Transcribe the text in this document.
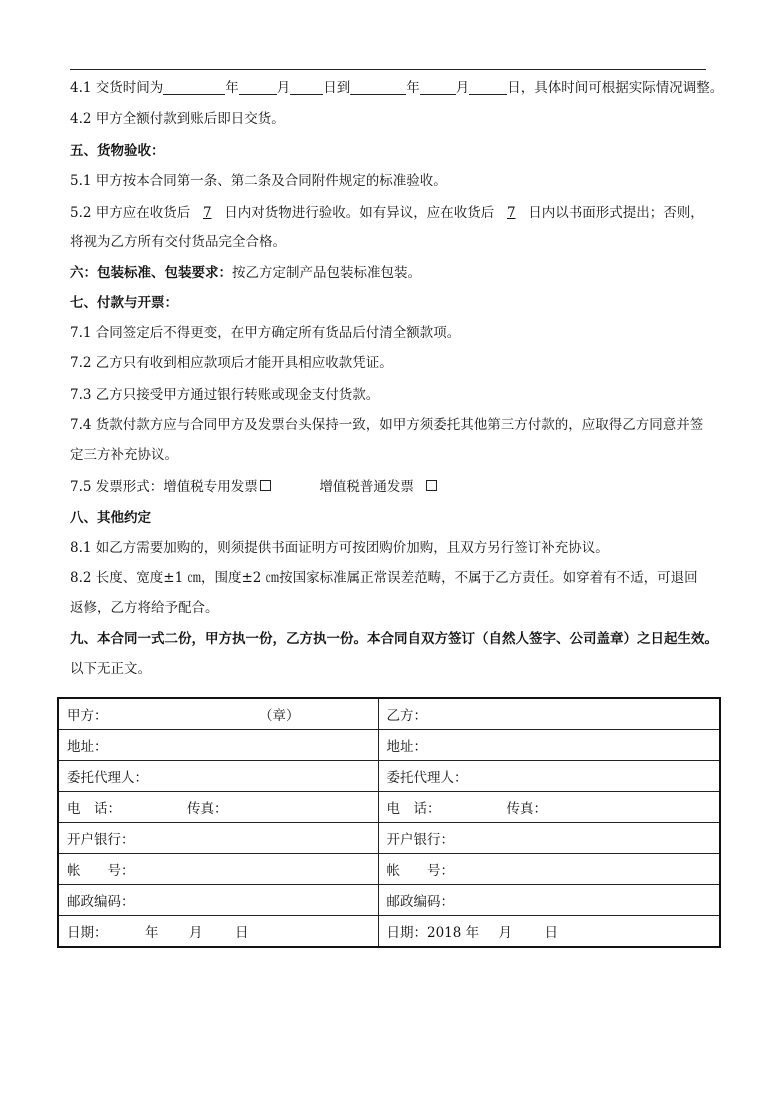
4.1 交货时间为	年	月 日到	年	月	日，具体时间可根据实际情况调整。
4.2 甲方全额付款到账后即日交货。
五、货物验收：
5.1 甲方按本合同第一条、第二条及合同附件规定的标准验收。
5.2 甲方应在收货后 7 日内对货物进行验收。如有异议，应在收货后 7 日内以书面形式提出；否则，
将视为乙方所有交付货品完全合格。
六：包装标准、包装要求：按乙方定制产品包装标准包装。
七、付款与开票：
7.1 合同签定后不得更变，在甲方确定所有货品后付清全额款项。
7.2 乙方只有收到相应款项后才能开具相应收款凭证。
7.3 乙方只接受甲方通过银行转账或现金支付货款。
7.4 货款付款方应与合同甲方及发票台头保持一致，如甲方须委托其他第三方付款的，应取得乙方同意并签
定三方补充协议。
7.5 发票形式：增值税专用发票	增值税普通发票
八、其他约定
8.1 如乙方需要加购的，则须提供书面证明方可按团购价加购，且双方另行签订补充协议。
8.2 长度、宽度±1 ㎝，围度±2 ㎝按国家标准属正常误差范畴，不属于乙方责任。如穿着有不适，可退回
返修，乙方将给予配合。
九、本合同一式二份，甲方执一份，乙方执一份。本合同自双方签订（自然人签字、公司盖章）之日起生效。
以下无正文。
甲方： （章）	乙方：
地址：	地址：
委托代理人：	委托代理人：
电　话： 传真：	电　话： 传真：

开户银行：	开户银行：
帐　　号：	帐　　号：
邮政编码：	邮政编码：
日期： 年 月 日	日期：2018 年 月 日
